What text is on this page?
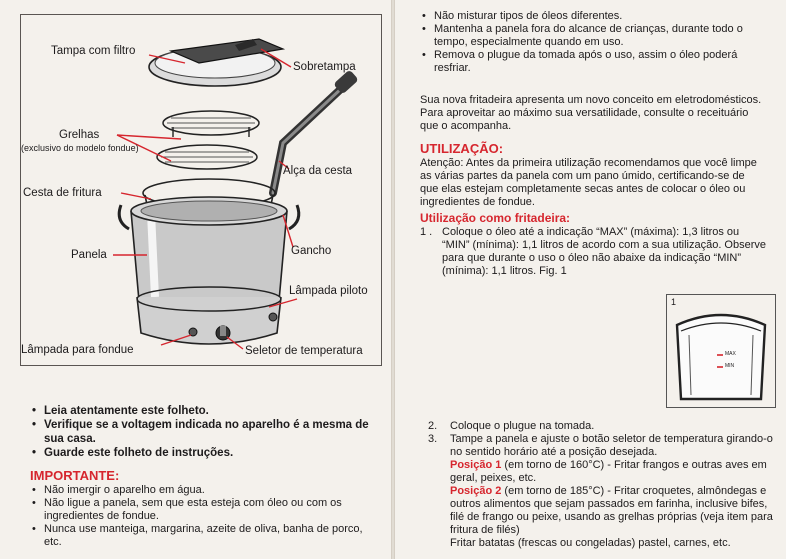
Tampa com filtro
Sobretampa
Grelhas
(exclusivo do modelo fondue)
Alça da cesta
Cesta de fritura
Gancho
Panela
Lâmpada piloto
Lâmpada para fondue	Seletor de temperatura
• Leia atentamente este folheto.
• Verifique se a voltagem indicada no aparelho é a mesma de sua casa.
• Guarde este folheto de instruções.
IMPORTANTE:
• Não imergir o aparelho em água.
• Não ligue a panela, sem que esta esteja com óleo ou com os ingredientes de fondue.
• Nunca use manteiga, margarina, azeite de oliva, banha de porco, etc.
• Não misturar tipos de óleos diferentes.
• Mantenha a panela fora do alcance de crianças, durante todo o tempo, especialmente quando em uso.
• Remova o plugue da tomada após o uso, assim o óleo poderá resfriar.
Sua nova fritadeira apresenta um novo conceito em eletrodomésticos. Para aproveitar ao máximo sua versatilidade, consulte o receituário que o acompanha.
UTILIZAÇÃO:
Atenção: Antes da primeira utilização recomendamos que você limpe as várias partes da panela com um pano úmido, certificando-se de que elas estejam completamente secas antes de colocar o óleo ou ingredientes de fondue.
Utilização como fritadeira:
1 . Coloque o óleo até a indicação “MAX” (máxima): 1,3 litros ou “MIN” (mínima): 1,1 litros de acordo com a sua utilização. Observe para que durante o uso o óleo não abaixe da indicação “MIN” (mínima): 1,1 litros. Fig. 1
1
MAX
MIN
2. Coloque o plugue na tomada.
3. Tampe a panela e ajuste o botão seletor de temperatura girando-o no sentido horário até a posição desejada.
Posição 1 (em torno de 160°C) - Fritar frangos e outras aves em geral, peixes, etc.
Posição 2 (em torno de 185°C) - Fritar croquetes, almôndegas e outros alimentos que sejam passados em farinha, inclusive bifes, filé de frango ou peixe, usando as grelhas próprias (veja item para fritura de filés)
Fritar batatas (frescas ou congeladas) pastel, carnes, etc.
